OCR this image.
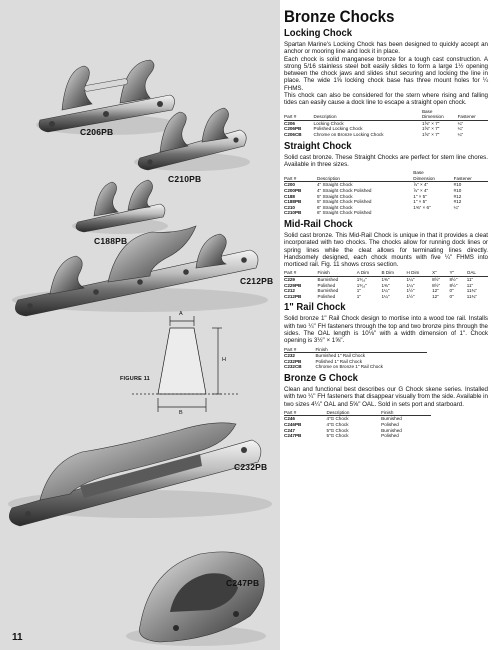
C206PB
C210PB
C188PB
C212PB
C232PB
C247PB
FIGURE 11
A
B
H
11
Bronze Chocks
Locking Chock

Spartan Marine's Locking Chock has been designed to quickly accept an anchor or mooring line and lock it in place.

Each chock is solid manganese bronze for a tough cast construction. A strong 5/16 stainless steel bolt easily slides to form a large 1½ opening between the chock jaws and slides shut securing and locking the line in place. The wide 1⅝ locking chock base has three mount holes for ¼ FHMS.

This chock can also be considered for the stern where rising and falling tides can easily cause a dock line to escape a straight open chock.

		Base	
Part #	Description	Dimension	Fastener
C206	Locking Chock	1⅝" × 7"	¼"
C206PB	Polished Locking Chock	1⅝" × 7"	¼"
C206CB	Chrome on Bronze Locking Chock	1⅝" × 7"	¼"
Straight Chock

Solid cast bronze. These Straight Chocks are perfect for stern line chores. Available in three sizes.

		Base	
Part #	Description	Dimension	Fastener
C200	4" Straight Chock	⅞" × 4"	#10
C200PB	4" Straight Chock Polished	⅞" × 4"	#10
C188	5" Straight Chock	1" × 5"	#12
C188PB	5" Straight Chock Polished	1" × 5"	#12
C210	6" Straight Chock	1⅜" × 6"	¼"
C210PB	6" Straight Chock Polished		
Mid-Rail Chock

Solid cast bronze. This Mid-Rail Chock is unique in that it provides a cleat incorporated with two chocks. The chocks allow for running dock lines or spring lines while the cleat allows for terminating lines directly. Handsomely designed, each chock mounts with five ¼" FHMS into morticed rail. Fig. 11 shows cross section.

Part #	Finish	A Dim	B Dim	H Dim	X"	Y"	OAL
C229	Burnished	1⁵⁄₁₆"	1⅜"	1¼"	8½"	8½"	11"
C229PB	Polished	1⁵⁄₁₆"	1⅜"	1¼"	8½"	8½"	11"
C212	Burnished	1"	1¼"	1½"	12"	0"	11¾"
C212PB	Polished	1"	1¼"	1½"	12"	0"	11¾"
1" Rail Chock

Solid bronze 1" Rail Chock design to mortise into a wood toe rail. Installs with two ¼" FH fasteners through the top and two bronze pins through the sides. The OAL length is 10⅛" with a width dimension of 1". Chock opening is 3½" × 1⅝".

Part #	Finish
C232	Burnished 1" Rail Chock
C232PB	Polished 1" Rail Chock
C232CB	Chrome on Bronze 1" Rail Chock
Bronze G Chock

Clean and functional best describes our G Chock skene series. Installed with two ¼" FH fasteners that disappear visually from the side. Available in two sizes 4¼" OAL and 5⅝" OAL. Sold in sets port and starboard.

Part #	Description	Finish
C246	4"G Chock	Burnished
C246PB	4"G Chock	Polished
C247	5"G Chock	Burnished
C247PB	5"G Chock	Polished
